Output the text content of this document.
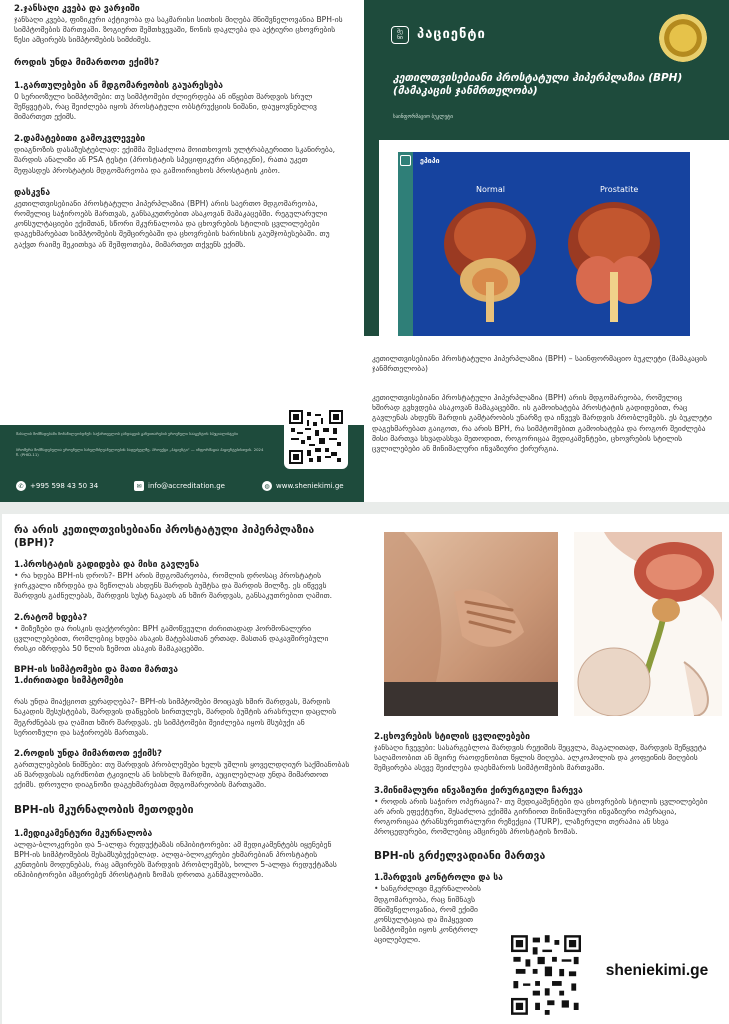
2.ჯანსაღი კვება და ვარჯიში
ჯანსაღი კვება, ფიზიკური აქტივობა და საკმარისი სითხის მიღება მნიშვნელოვანია BPH-ის სიმპტომების მართვაში. ზოგიერთ შემთხვევაში, წონის დაკლება და აქტიური ცხოვრების წესი ამცირებს სიმპტომების სიმძიმეს.
როდის უნდა მიმართოთ ექიმს?
1.გართულებები ან მდგომარეობის გაუარესება
0 სერიოზული სიმპტომები: თუ სიმპტომები ძლიერდება ან იწყებთ შარდვის სრულ შეწყვეტას, რაც შეიძლება იყოს პროსტატული ობსტრუქციის ნიშანი, დაუყოვნებლივ მიმართეთ ექიმს.
2.დამატებითი გამოკვლევები
დიაგნოზის დასაზუსტებლად: ექიმმა შესაძლოა მოითხოვოს ულტრაბგერითი სკანირება, შარდის ანალიზი ან PSA ტესტი (პროსტატის სპეციფიკური ანტიგენი), რათა უკეთ შეფასდეს პროსტატის მდგომარეობა და გამოირიცხოს პროსტატის კიბო.
დასკვნა
კეთილთვისებიანი პროსტატული ჰიპერპლაზია (BPH) არის საერთო მდგომარეობა, რომელიც საჭიროებს მართვას, განსაკუთრებით ასაკოვან მამაკაცებში. რეგულარული კონსულტაციები ექიმთან, სწორი მკურნალობა და ცხოვრების სტილის ცვლილებები დაგეხმარებათ სიმპტომების შემცირებაში და ცხოვრების ხარისხის გაუმჯობესებაში. თუ გაქვთ რაიმე შეკითხვა ან შეშფოთება, მიმართეთ თქვენს ექიმს.
მასალის მომზადებაში მონაწილეობდნენ: საქართველოს ჯანდაცვის განვითარების ეროვნული სააგენტოს სპეციალისტები
ბროშურა მომზადებულია ეროვნული სახელმძღვანელოების საფუძველზე. პროექტი „პაციენტი“ — ინფორმაცია პაციენტებისთვის. 2024 წ. (PHID-11)
✆ +995 598 43 50 34	✉ info@accreditation.ge	◍ www.sheniekimi.ge
შე
ნი	პაციენტი
კეთილთვისებიანი პროსტატული ჰიპერპლაზია (BPH) (მამაკაცის ჯანმრთელობა)
საინფორმაციო ბუკლეტი
ეპიპი
Normal	Prostatite
კეთილთვისებიანი პროსტატული ჰიპერპლაზია (BPH) – საინფორმაციო ბუკლეტი (მამაკაცის ჯანმრთელობა)
კეთილთვისებიანი პროსტატული ჰიპერპლაზია (BPH) არის მდგომარეობა, რომელიც ხშირად გვხვდება ასაკოვან მამაკაცებში. ის გამოიხატება პროსტატის გადიდებით, რაც გავლენას ახდენს შარდის გამტარობის უნარზე და იწვევს შარდვის პრობლემებს. ეს ბუკლეტი დაგეხმარებათ გაიგოთ, რა არის BPH, რა სიმპტომებით გამოიხატება და როგორ შეიძლება მისი მართვა სხვადასხვა მეთოდით, როგორიცაა მედიკამენტები, ცხოვრების სტილის ცვლილებები ან მინიმალური ინვაზიური ქირურგია.
რა არის კეთილთვისებიანი პროსტატული ჰიპერპლაზია (BPH)?
1.პროსტატის გადიდება და მისი გავლენა
• რა ხდება BPH-ის დროს?- BPH არის მდგომარეობა, რომლის დროსაც პროსტატის ჯირკვალი იზრდება და ზეწოლას ახდენს შარდის ბუშტსა და შარდის მილზე. ეს იწვევს შარდვის გაძნელებას, შარდვის სუსტ ნაკადს ან ხშირ შარდვას, განსაკუთრებით ღამით.
2.რატომ ხდება?
• მიზეზები და რისკის ფაქტორები: BPH გამოწვეული ძირითადად ჰორმონალური ცვლილებებით, რომლებიც ხდება ასაკის მატებასთან ერთად. მასთან დაკავშირებული რისკი იზრდება 50 წლის ზემოთ ასაკის მამაკაცებში.
BPH-ის სიმპტომები და მათი მართვა
1.ძირითადი სიმპტომები
რას უნდა მიაქციოთ ყურადღება?- BPH-ის სიმპტომები მოიცავს ხშირ შარდვას, შარდის ნაკადის შესუსტებას, შარდვის დაწყების სირთულეს, შარდის ბუშტის არასრული დაცლის შეგრძნებას და ღამით ხშირ შარდვას. ეს სიმპტომები შეიძლება იყოს მსუბუქი ან სერიოზული და საჭიროებს მართვას.
2.როდის უნდა მიმართოთ ექიმს?
გართულებების ნიშნები: თუ შარდვის პრობლემები ხელს უშლის ყოველდღიურ საქმიანობას ან შარდვისას იგრძნობთ ტკივილს ან სისხლს შარდში, აუცილებლად უნდა მიმართოთ ექიმს. დროული დიაგნოზი დაგეხმარებათ მდგომარეობის მართვაში.
BPH-ის მკურნალობის მეთოდები
1.მედიკამენტური მკურნალობა
ალფა-ბლოკერები და 5-ალფა რედუქტაზას ინჰიბიტორები: ამ მედიკამენტებს იყენებენ BPH-ის სიმპტომების შესამსუბუქებლად. ალფა-ბლოკერები ეხმარებიან პროსტატის კუნთების მოდუნებას, რაც ამცირებს შარდვის პრობლემებს, ხოლო 5-ალფა რედუქტაზას ინჰიბიტორები ამცირებენ პროსტატის ზომას დროთა განმავლობაში.
2.ცხოვრების სტილის ცვლილებები
ჯანსაღი ჩვევები: სასარგებლოა შარდვის რეჟიმის შეცვლა, მაგალითად, შარდვის შეწყვეტა საღამოობით ან მცირე რაოდენობით წყლის მიღება. ალკოჰოლის და კოფეინის მიღების შემცირება ასევე შეიძლება დაეხმაროს სიმპტომების მართვაში.
3.მინიმალური ინვაზიური ქირურგიული ჩარევა
• როდის არის საჭირო ოპერაცია?- თუ მედიკამენტები და ცხოვრების სტილის ცვლილებები არ არის ეფექტური, შესაძლოა ექიმმა გირჩიოთ მინიმალური ინვაზიური ოპერაცია, როგორიცაა ტრანსურეთრალური რეზექცია (TURP), ლაზერული თერაპია ან სხვა პროცედურები, რომლებიც ამცირებს პროსტატის ზომას.
BPH-ის გრძელვადიანი მართვა
1.შარდვის კონტროლი და სა
• ხანგრძლივი მკურნალობის მდგომარეობა, რაც ნიშნავს მნიშვნელოვანია, რომ ექიმი კონსულტაცია და მიჰყევით სიმპტომები იყოს კონტროლ აცილებული.
sheniekimi.ge
